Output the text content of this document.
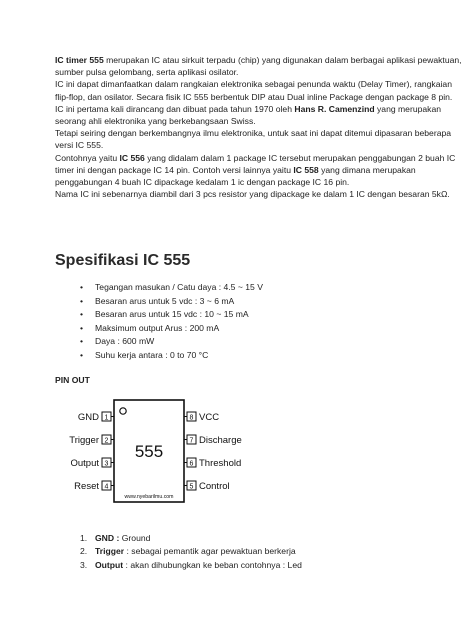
IC timer 555 merupakan IC atau sirkuit terpadu (chip) yang digunakan dalam berbagai aplikasi pewaktuan, sumber pulsa gelombang, serta aplikasi osilator.

IC ini dapat dimanfaatkan dalam rangkaian elektronika sebagai penunda waktu (Delay Timer), rangkaian flip-flop, dan osilator. Secara fisik IC 555 berbentuk DIP atau Dual inline Package dengan package 8 pin.

IC ini pertama kali dirancang dan dibuat pada tahun 1970 oleh Hans R. Camenzind yang merupakan seorang ahli elektronika yang berkebangsaan Swiss.

Tetapi seiring dengan berkembangnya ilmu elektronika, untuk saat ini dapat ditemui dipasaran beberapa versi IC 555.

Contohnya yaitu IC 556 yang didalam dalam 1 package IC tersebut merupakan penggabungan 2 buah IC timer ini dengan package IC 14 pin. Contoh versi lainnya yaitu IC 558 yang dimana merupakan penggabungan 4 buah IC dipackage kedalam 1 ic dengan package IC 16 pin.

Nama IC ini sebenarnya diambil dari 3 pcs resistor yang dipackage ke dalam 1 IC dengan besaran 5kΩ.

Spesifikasi IC 555
• Tegangan masukan / Catu daya : 4.5 ~ 15 V
• Besaran arus untuk 5 vdc : 3 ~ 6 mA
• Besaran arus untuk 15 vdc : 10 ~ 15 mA
• Maksimum output Arus : 200 mA
• Daya : 600 mW
• Suhu kerja antara : 0 to 70 °C
PIN OUT
555
www.nyebarilmu.com
1
GND
2
Trigger
3
Output
4
Reset
8 VCC
7 Discharge
6 Threshold
5 Control
1. GND : Ground
2. Trigger : sebagai pemantik agar pewaktuan berkerja
3. Output : akan dihubungkan ke beban contohnya : Led
